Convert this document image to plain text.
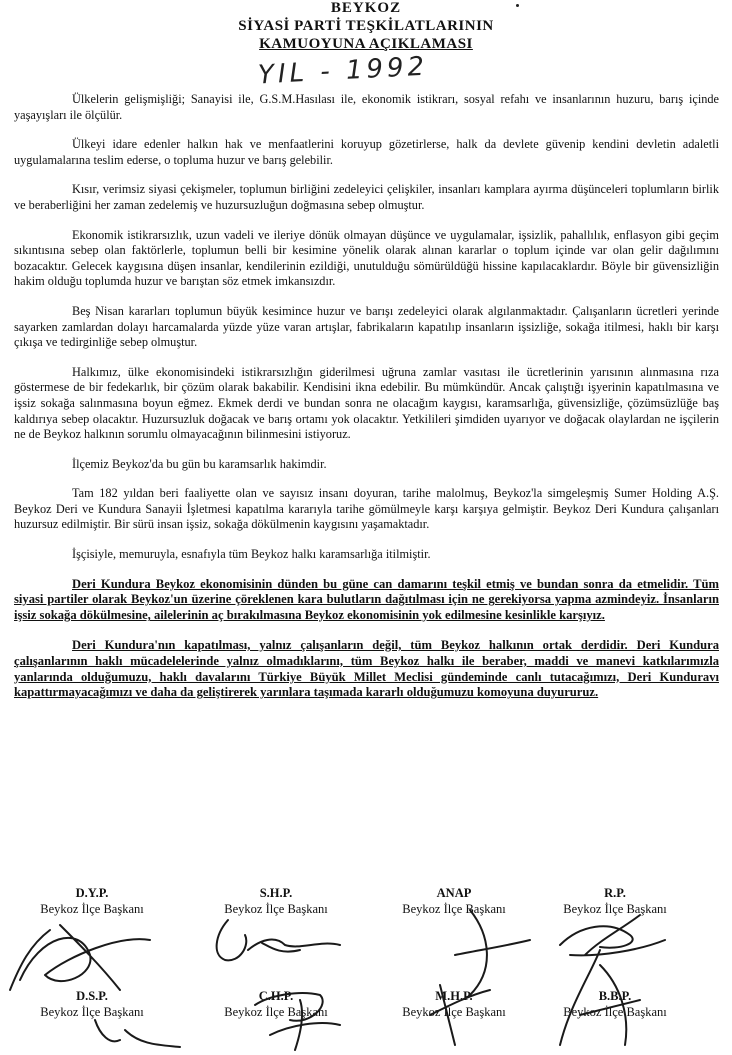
BEYKOZ
SİYASİ PARTİ TEŞKİLATLARININ
KAMUOYUNA AÇIKLAMASI
YIL - 1992

Ülkelerin gelişmişliği; Sanayisi ile, G.S.M.Hasılası ile, ekonomik istikrarı, sosyal refahı ve insanlarının huzuru, barış içinde yaşayışları ile ölçülür.

Ülkeyi idare edenler halkın hak ve menfaatlerini koruyup gözetirlerse, halk da devlete güvenip kendini devletin adaletli uygulamalarına teslim ederse, o topluma huzur ve barış gelebilir.

Kısır, verimsiz siyasi çekişmeler, toplumun birliğini zedeleyici çelişkiler, insanları kamplara ayırma düşünceleri toplumların birlik ve beraberliğini her zaman zedelemiş ve huzursuzluğun doğmasına sebep olmuştur.

Ekonomik istikrarsızlık, uzun vadeli ve ileriye dönük olmayan düşünce ve uygulamalar, işsizlik, pahallılık, enflasyon gibi geçim sıkıntısına sebep olan faktörlerle, toplumun belli bir kesimine yönelik olarak alınan kararlar o toplum içinde var olan gelir dağılımını bozacaktır. Gelecek kaygısına düşen insanlar, kendilerinin ezildiği, unutulduğu sömürüldüğü hissine kapılacaklardır. Böyle bir güvensizliğin hakim olduğu toplumda huzur ve barıştan söz etmek imkansızdır.

Beş Nisan kararları toplumun büyük kesimince huzur ve barışı zedeleyici olarak algılanmaktadır. Çalışanların ücretleri yerinde sayarken zamlardan dolayı harcamalarda yüzde yüze varan artışlar, fabrikaların kapatılıp insanların işsizliğe, sokağa itilmesi, haklı bir karşı çıkışa ve tedirginliğe sebep olmuştur.

Halkımız, ülke ekonomisindeki istikrarsızlığın giderilmesi uğruna zamlar vasıtası ile ücretlerinin yarısının alınmasına rıza göstermese de bir fedekarlık, bir çözüm olarak bakabilir. Kendisini ikna edebilir. Bu mümkündür. Ancak çalıştığı işyerinin kapatılmasına ve işsiz sokağa salınmasına boyun eğmez. Ekmek derdi ve bundan sonra ne olacağım kaygısı, karamsarlığa, güvensizliğe, çözümsüzlüğe baş kaldırıya sebep olacaktır. Huzursuzluk doğacak ve barış ortamı yok olacaktır. Yetkilileri şimdiden uyarıyor ve doğacak olaylardan ne işçilerin ne de Beykoz halkının sorumlu olmayacağının bilinmesini istiyoruz.

İlçemiz Beykoz'da bu gün bu karamsarlık hakimdir.

Tam 182 yıldan beri faaliyette olan ve sayısız insanı doyuran, tarihe malolmuş, Beykoz'la simgeleşmiş Sumer Holding A.Ş. Beykoz Deri ve Kundura Sanayii İşletmesi kapatılma kararıyla tarihe gömülmeyle karşı karşıya gelmiştir. Beykoz Deri Kundura çalışanları huzursuz edilmiştir. Bir sürü insan işsiz, sokağa dökülmenin kaygısını yaşamaktadır.

İşçisiyle, memuruyla, esnafıyla tüm Beykoz halkı karamsarlığa itilmiştir.

Deri Kundura Beykoz ekonomisinin dünden bu güne can damarını teşkil etmiş ve bundan sonra da etmelidir. Tüm siyasi partiler olarak Beykoz'un üzerine çöreklenen kara bulutların dağıtılması için ne gerekiyorsa yapma azmindeyiz. İnsanların işsiz sokağa dökülmesine, ailelerinin aç bırakılmasına Beykoz ekonomisinin yok edilmesine kesinlikle karşıyız.

Deri Kundura'nın kapatılması, yalnız çalışanların değil, tüm Beykoz halkının ortak derdidir. Deri Kundura çalışanlarının haklı mücadelelerinde yalnız olmadıklarını, tüm Beykoz halkı ile beraber, maddi ve manevi katkılarımızla yanlarında olduğumuzu, haklı davalarını Türkiye Büyük Millet Meclisi gündeminde canlı tutacağımızı, Deri Kunduravı kapattırmayacağımızı ve daha da geliştirerek yarınlara taşımada kararlı olduğumuzu komoyuna duyururuz.

D.Y.P.
Beykoz İlçe Başkanı
S.H.P.
Beykoz İlçe Başkanı
ANAP
Beykoz İlçe Başkanı
R.P.
Beykoz İlçe Başkanı
D.S.P.
Beykoz İlçe Başkanı
C.H.P.
Beykoz İlçe Başkanı
M.H.P.
Beykoz İlçe Başkanı
B.B.P.
Beykoz İlçe Başkanı
